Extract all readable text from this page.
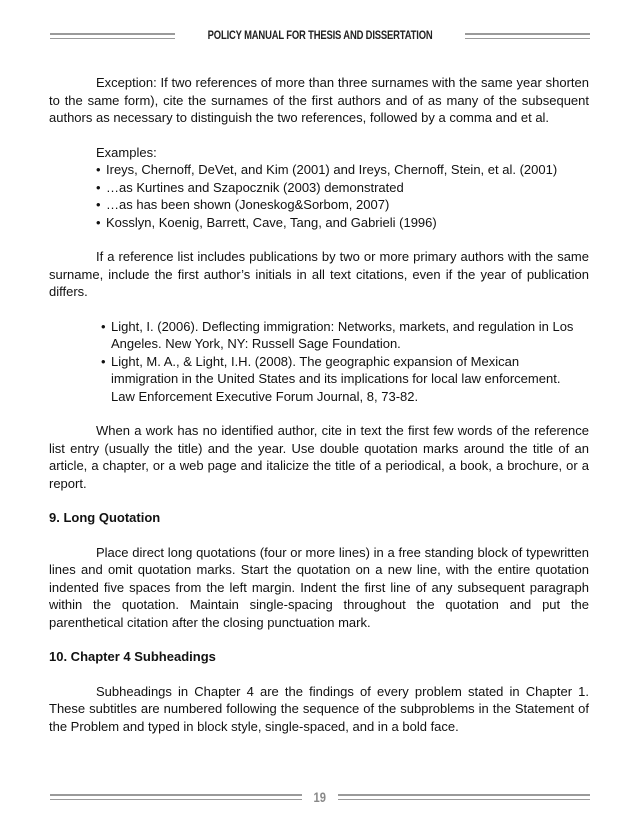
POLICY MANUAL FOR THESIS AND DISSERTATION

Exception: If two references of more than three surnames with the same year shorten to the same form), cite the surnames of the first authors and of as many of the subsequent authors as necessary to distinguish the two references, followed by a comma and et al.

Examples:

• Ireys, Chernoff, DeVet, and Kim (2001) and Ireys, Chernoff, Stein, et al. (2001)
• …as Kurtines and Szapocznik (2003) demonstrated
• …as has been shown (Joneskog&Sorbom, 2007)
• Kosslyn, Koenig, Barrett, Cave, Tang, and Gabrieli (1996)

If a reference list includes publications by two or more primary authors with the same surname, include the first author’s initials in all text citations, even if the year of publication differs.

• Light, I. (2006). Deflecting immigration: Networks, markets, and regulation in Los Angeles. New York, NY: Russell Sage Foundation.
• Light, M. A., & Light, I.H. (2008). The geographic expansion of Mexican immigration in the United States and its implications for local law enforcement. Law Enforcement Executive Forum Journal, 8, 73-82.

When a work has no identified author, cite in text the first few words of the reference list entry (usually the title) and the year. Use double quotation marks around the title of an article, a chapter, or a web page and italicize the title of a periodical, a book, a brochure, or a report.

9. Long Quotation

Place direct long quotations (four or more lines) in a free standing block of typewritten lines and omit quotation marks. Start the quotation on a new line, with the entire quotation indented five spaces from the left margin. Indent the first line of any subsequent paragraph within the quotation. Maintain single-spacing throughout the quotation and put the parenthetical citation after the closing punctuation mark.

10. Chapter 4 Subheadings

Subheadings in Chapter 4 are the findings of every problem stated in Chapter 1. These subtitles are numbered following the sequence of the subproblems in the Statement of the Problem and typed in block style, single-spaced, and in a bold face.

19
